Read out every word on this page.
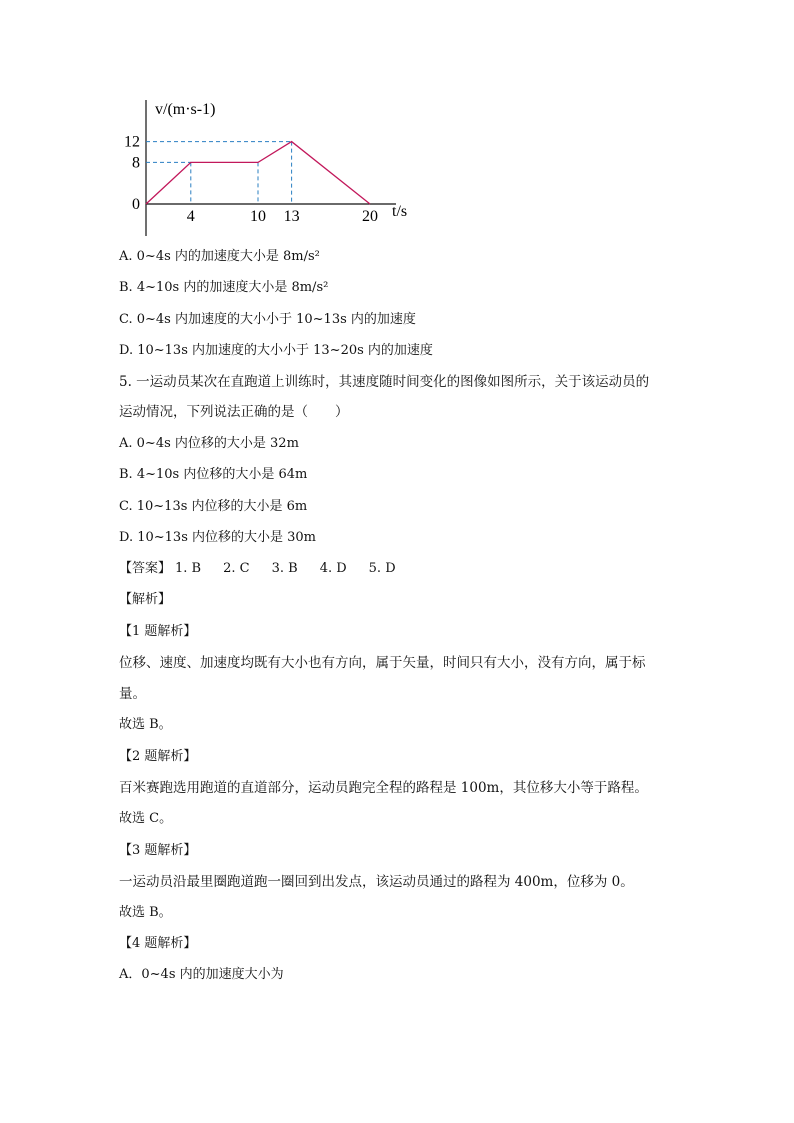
v/(m·s-1)
t/s
12
8
0
4	10 13	20
A. 0~4s 内的加速度大小是 8m/s²
B. 4~10s 内的加速度大小是 8m/s²
C. 0~4s 内加速度的大小小于 10~13s 内的加速度
D. 10~13s 内加速度的大小小于 13~20s 内的加速度
5. 一运动员某次在直跑道上训练时，其速度随时间变化的图像如图所示，关于该运动员的
运动情况，下列说法正确的是（　　）
A. 0~4s 内位移的大小是 32m
B. 4~10s 内位移的大小是 64m
C. 10~13s 内位移的大小是 6m
D. 10~13s 内位移的大小是 30m
【答案】 1. B 2. C 3. B 4. D 5. D
【解析】
【1 题解析】
位移、速度、加速度均既有大小也有方向，属于矢量，时间只有大小，没有方向，属于标
量。
故选 B。
【2 题解析】
百米赛跑选用跑道的直道部分，运动员跑完全程的路程是 100m，其位移大小等于路程。
故选 C。
【3 题解析】
一运动员沿最里圈跑道跑一圈回到出发点，该运动员通过的路程为 400m，位移为 0。
故选 B。
【4 题解析】
A．0~4s 内的加速度大小为
